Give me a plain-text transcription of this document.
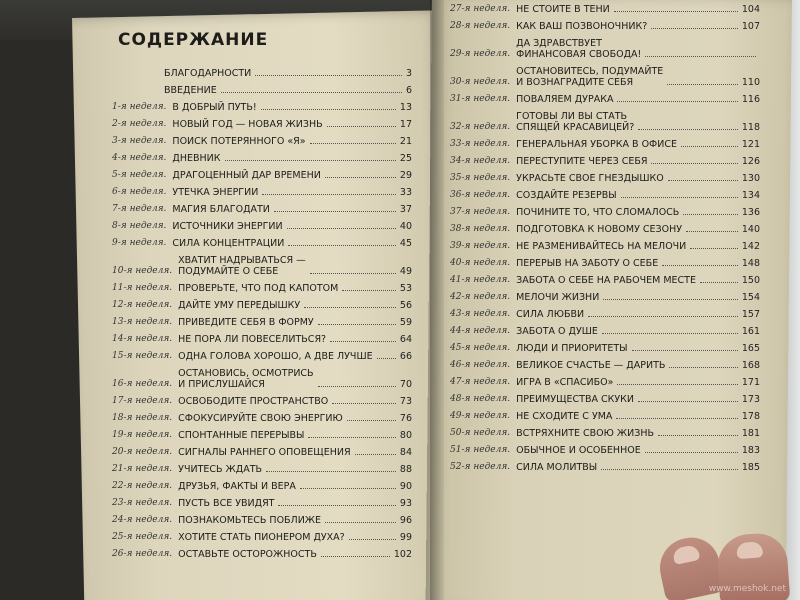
СОДЕРЖАНИЕ
БЛАГОДАРНОСТИ	3
ВВЕДЕНИЕ	6
1-я неделя. В ДОБРЫЙ ПУТЬ!	13
2-я неделя. НОВЫЙ ГОД — НОВАЯ ЖИЗНЬ	17
3-я неделя. ПОИСК ПОТЕРЯННОГО «Я»	21
4-я неделя. ДНЕВНИК	25
5-я неделя. ДРАГОЦЕННЫЙ ДАР ВРЕМЕНИ	29
6-я неделя. УТЕЧКА ЭНЕРГИИ	33
7-я неделя. МАГИЯ БЛАГОДАТИ	37
8-я неделя. ИСТОЧНИКИ ЭНЕРГИИ	40
9-я неделя. СИЛА КОНЦЕНТРАЦИИ	45
10-я неделя.
ХВАТИТ НАДРЫВАТЬСЯ —
ПОДУМАЙТЕ О СЕБЕ	49
11-я неделя. ПРОВЕРЬТЕ, ЧТО ПОД КАПОТОМ	53
12-я неделя. ДАЙТЕ УМУ ПЕРЕДЫШКУ	56
13-я неделя. ПРИВЕДИТЕ СЕБЯ В ФОРМУ	59
14-я неделя. НЕ ПОРА ЛИ ПОВЕСЕЛИТЬСЯ?	64
15-я неделя. ОДНА ГОЛОВА ХОРОШО, А ДВЕ ЛУЧШЕ	66
16-я неделя.
ОСТАНОВИСЬ, ОСМОТРИСЬ
И ПРИСЛУШАЙСЯ	70
17-я неделя. ОСВОБОДИТЕ ПРОСТРАНСТВО	73
18-я неделя. СФОКУСИРУЙТЕ СВОЮ ЭНЕРГИЮ	76
19-я неделя. СПОНТАННЫЕ ПЕРЕРЫВЫ	80
20-я неделя. СИГНАЛЫ РАННЕГО ОПОВЕЩЕНИЯ	84
21-я неделя. УЧИТЕСЬ ЖДАТЬ	88
22-я неделя. ДРУЗЬЯ, ФАКТЫ И ВЕРА	90
23-я неделя. ПУСТЬ ВСЕ УВИДЯТ	93
24-я неделя. ПОЗНАКОМЬТЕСЬ ПОБЛИЖЕ	96
25-я неделя. ХОТИТЕ СТАТЬ ПИОНЕРОМ ДУХА?	99
26-я неделя. ОСТАВЬТЕ ОСТОРОЖНОСТЬ	102
27-я неделя. НЕ СТОИТЕ В ТЕНИ	104
28-я неделя. КАК ВАШ ПОЗВОНОЧНИК?	107
29-я неделя.
ДА ЗДРАВСТВУЕТ
ФИНАНСОВАЯ СВОБОДА!
30-я неделя.
ОСТАНОВИТЕСЬ, ПОДУМАЙТЕ
И ВОЗНАГРАДИТЕ СЕБЯ	110
31-я неделя. ПОВАЛЯЕМ ДУРАКА	116
32-я неделя.
ГОТОВЫ ЛИ ВЫ СТАТЬ
СПЯЩЕЙ КРАСАВИЦЕЙ?	118
33-я неделя. ГЕНЕРАЛЬНАЯ УБОРКА В ОФИСЕ	121
34-я неделя. ПЕРЕСТУПИТЕ ЧЕРЕЗ СЕБЯ	126
35-я неделя. УКРАСЬТЕ СВОЕ ГНЕЗДЫШКО	130
36-я неделя. СОЗДАЙТЕ РЕЗЕРВЫ	134
37-я неделя. ПОЧИНИТЕ ТО, ЧТО СЛОМАЛОСЬ	136
38-я неделя. ПОДГОТОВКА К НОВОМУ СЕЗОНУ	140
39-я неделя. НЕ РАЗМЕНИВАЙТЕСЬ НА МЕЛОЧИ	142
40-я неделя. ПЕРЕРЫВ НА ЗАБОТУ О СЕБЕ	148
41-я неделя. ЗАБОТА О СЕБЕ НА РАБОЧЕМ МЕСТЕ	150
42-я неделя. МЕЛОЧИ ЖИЗНИ	154
43-я неделя. СИЛА ЛЮБВИ	157
44-я неделя. ЗАБОТА О ДУШЕ	161
45-я неделя. ЛЮДИ И ПРИОРИТЕТЫ	165
46-я неделя. ВЕЛИКОЕ СЧАСТЬЕ — ДАРИТЬ	168
47-я неделя. ИГРА В «СПАСИБО»	171
48-я неделя. ПРЕИМУЩЕСТВА СКУКИ	173
49-я неделя. НЕ СХОДИТЕ С УМА	178
50-я неделя. ВСТРЯХНИТЕ СВОЮ ЖИЗНЬ	181
51-я неделя. ОБЫЧНОЕ И ОСОБЕННОЕ	183
52-я неделя. СИЛА МОЛИТВЫ	185
www.meshok.net
